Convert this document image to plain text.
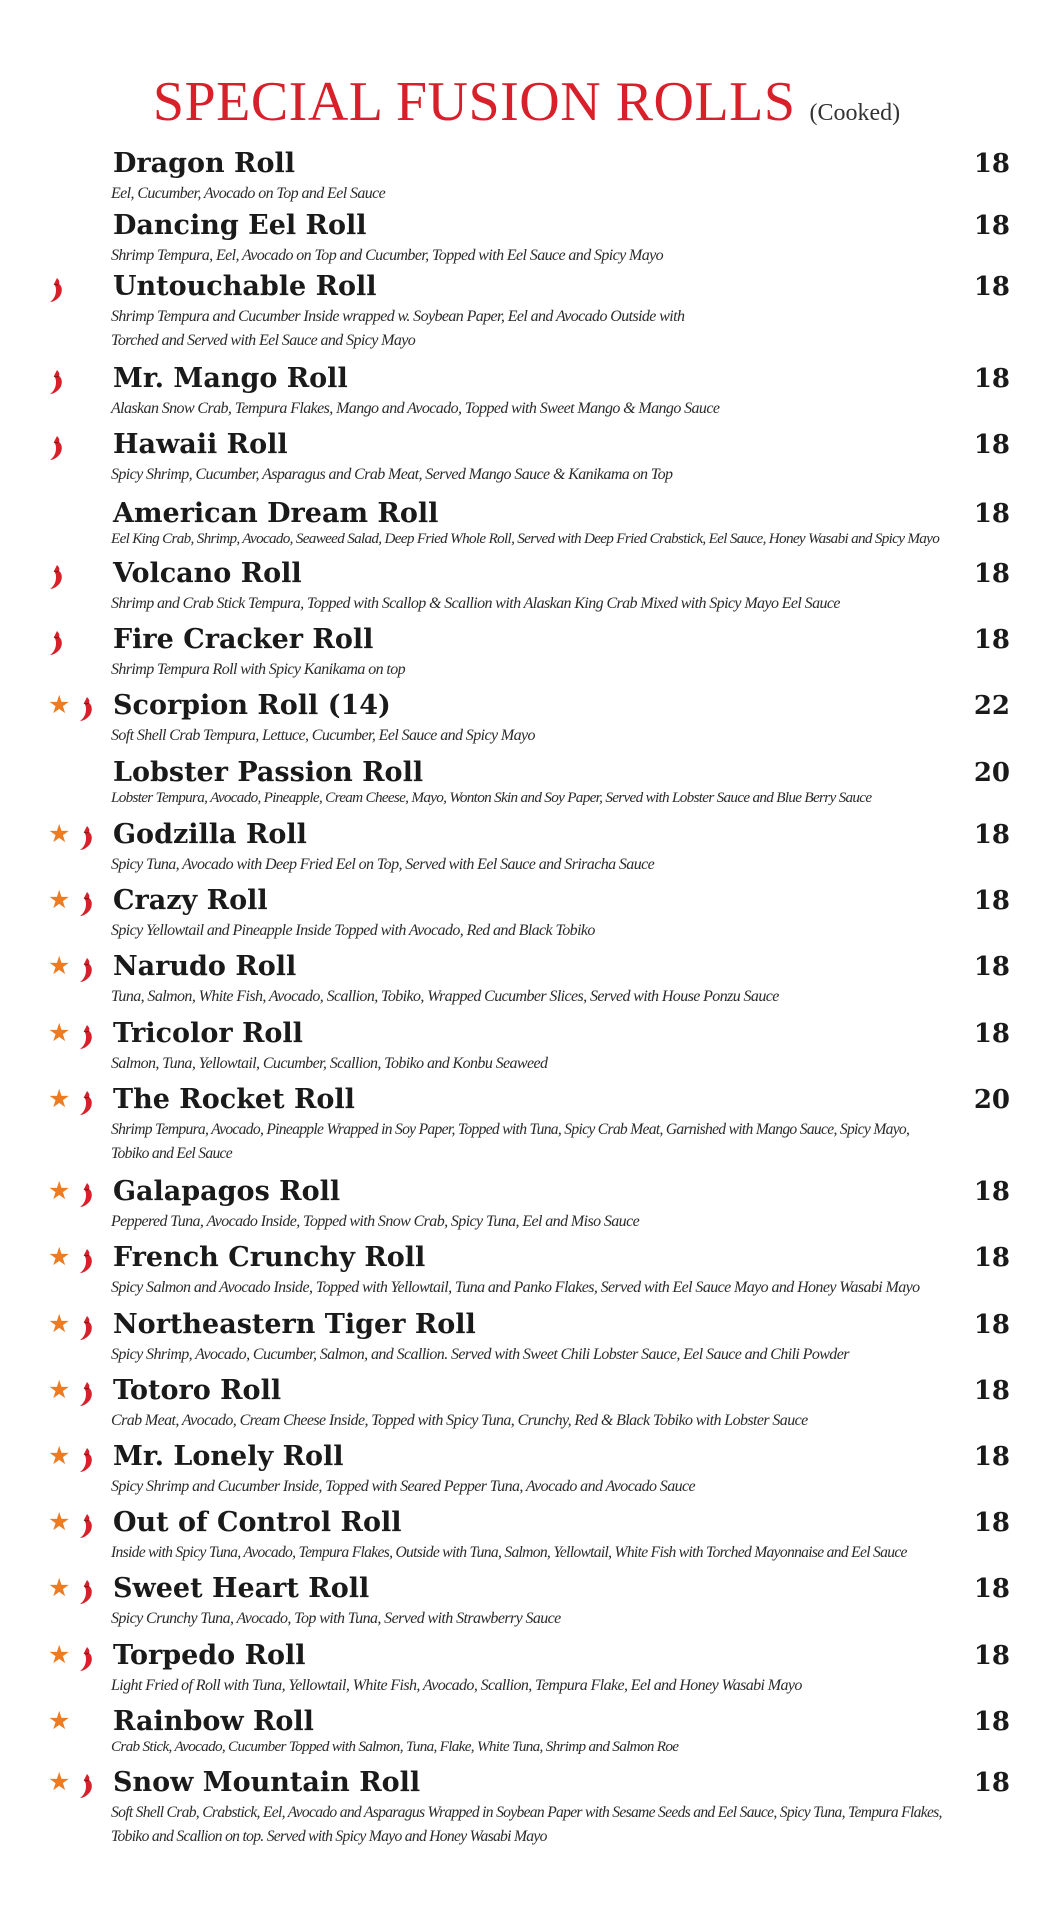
SPECIAL FUSION ROLLS (Cooked)
Dragon Roll	18
Eel, Cucumber, Avocado on Top and Eel Sauce
Dancing Eel Roll	18
Shrimp Tempura, Eel, Avocado on Top and Cucumber, Topped with Eel Sauce and Spicy Mayo
Untouchable Roll	18
Shrimp Tempura and Cucumber Inside wrapped w. Soybean Paper, Eel and Avocado Outside with
Torched and Served with Eel Sauce and Spicy Mayo
Mr. Mango Roll	18
Alaskan Snow Crab, Tempura Flakes, Mango and Avocado, Topped with Sweet Mango & Mango Sauce
Hawaii Roll	18
Spicy Shrimp, Cucumber, Asparagus and Crab Meat, Served Mango Sauce & Kanikama on Top
American Dream Roll	18
Eel King Crab, Shrimp, Avocado, Seaweed Salad, Deep Fried Whole Roll, Served with Deep Fried Crabstick, Eel Sauce, Honey Wasabi and Spicy Mayo
Volcano Roll	18
Shrimp and Crab Stick Tempura, Topped with Scallop & Scallion with Alaskan King Crab Mixed with Spicy Mayo Eel Sauce
Fire Cracker Roll	18
Shrimp Tempura Roll with Spicy Kanikama on top
★ Scorpion Roll (14)	22
Soft Shell Crab Tempura, Lettuce, Cucumber, Eel Sauce and Spicy Mayo
Lobster Passion Roll	20
Lobster Tempura, Avocado, Pineapple, Cream Cheese, Mayo, Wonton Skin and Soy Paper, Served with Lobster Sauce and Blue Berry Sauce
★ Godzilla Roll	18
Spicy Tuna, Avocado with Deep Fried Eel on Top, Served with Eel Sauce and Sriracha Sauce
★ Crazy Roll	18
Spicy Yellowtail and Pineapple Inside Topped with Avocado, Red and Black Tobiko
★ Narudo Roll	18
Tuna, Salmon, White Fish, Avocado, Scallion, Tobiko, Wrapped Cucumber Slices, Served with House Ponzu Sauce
★ Tricolor Roll	18
Salmon, Tuna, Yellowtail, Cucumber, Scallion, Tobiko and Konbu Seaweed
★ The Rocket Roll	20
Shrimp Tempura, Avocado, Pineapple Wrapped in Soy Paper, Topped with Tuna, Spicy Crab Meat, Garnished with Mango Sauce, Spicy Mayo,
Tobiko and Eel Sauce
★ Galapagos Roll	18
Peppered Tuna, Avocado Inside, Topped with Snow Crab, Spicy Tuna, Eel and Miso Sauce
★ French Crunchy Roll	18
Spicy Salmon and Avocado Inside, Topped with Yellowtail, Tuna and Panko Flakes, Served with Eel Sauce Mayo and Honey Wasabi Mayo
★ Northeastern Tiger Roll	18
Spicy Shrimp, Avocado, Cucumber, Salmon, and Scallion. Served with Sweet Chili Lobster Sauce, Eel Sauce and Chili Powder
★ Totoro Roll	18
Crab Meat, Avocado, Cream Cheese Inside, Topped with Spicy Tuna, Crunchy, Red & Black Tobiko with Lobster Sauce
★ Mr. Lonely Roll	18
Spicy Shrimp and Cucumber Inside, Topped with Seared Pepper Tuna, Avocado and Avocado Sauce
★ Out of Control Roll	18
Inside with Spicy Tuna, Avocado, Tempura Flakes, Outside with Tuna, Salmon, Yellowtail, White Fish with Torched Mayonnaise and Eel Sauce
★ Sweet Heart Roll	18
Spicy Crunchy Tuna, Avocado, Top with Tuna, Served with Strawberry Sauce
★ Torpedo Roll	18
Light Fried of Roll with Tuna, Yellowtail, White Fish, Avocado, Scallion, Tempura Flake, Eel and Honey Wasabi Mayo
★ Rainbow Roll	18
Crab Stick, Avocado, Cucumber Topped with Salmon, Tuna, Flake, White Tuna, Shrimp and Salmon Roe
★ Snow Mountain Roll	18
Soft Shell Crab, Crabstick, Eel, Avocado and Asparagus Wrapped in Soybean Paper with Sesame Seeds and Eel Sauce, Spicy Tuna, Tempura Flakes,
Tobiko and Scallion on top. Served with Spicy Mayo and Honey Wasabi Mayo
